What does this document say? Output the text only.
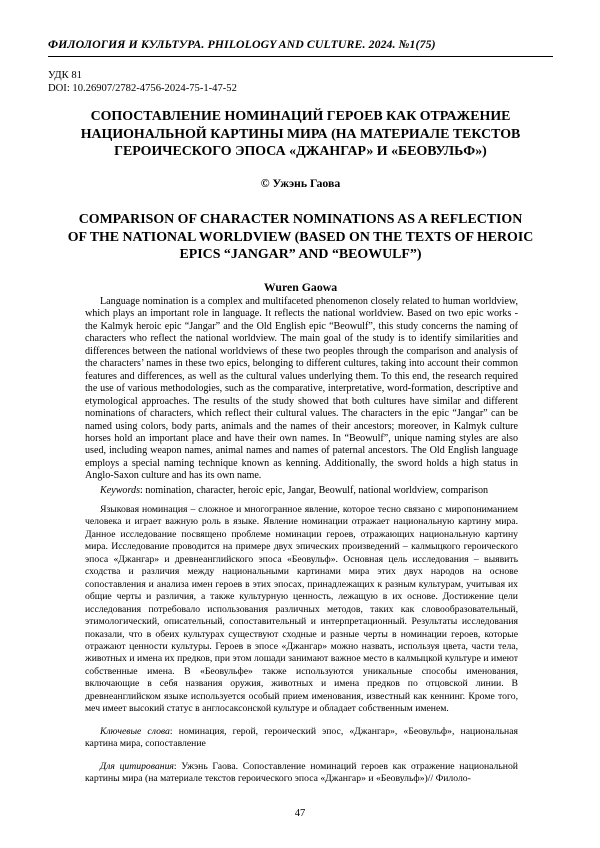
ФИЛОЛОГИЯ И КУЛЬТУРА. PHILOLOGY AND CULTURE. 2024. №1(75)
УДК 81
DOI: 10.26907/2782-4756-2024-75-1-47-52
СОПОСТАВЛЕНИЕ НОМИНАЦИЙ ГЕРОЕВ КАК ОТРАЖЕНИЕ
НАЦИОНАЛЬНОЙ КАРТИНЫ МИРА (НА МАТЕРИАЛЕ ТЕКСТОВ
ГЕРОИЧЕСКОГО ЭПОСА «ДЖАНГАР» И «БЕОВУЛЬФ»)
© Ужэнь Гаова
COMPARISON OF CHARACTER NOMINATIONS AS A REFLECTION
OF THE NATIONAL WORLDVIEW (BASED ON THE TEXTS OF HEROIC
EPICS “JANGAR” AND “BEOWULF”)
Wuren Gaowa

Language nomination is a complex and multifaceted phenomenon closely related to human worldview, which plays an important role in language. It reflects the national worldview. Based on two epic works - the Kalmyk heroic epic “Jangar” and the Old English epic “Beowulf”, this study concerns the naming of characters who reflect the national worldview. The main goal of the study is to identify similarities and differences between the national worldviews of these two peoples through the comparison and analysis of the characters’ names in these two epics, belonging to different cultures, taking into account their common features and differences, as well as the cultural values underlying them. To this end, the research required the use of various methodologies, such as the comparative, interpretative, word-formation, descriptive and etymological approaches. The results of the study showed that both cultures have similar and different nominations of characters, which reflect their cultural values. The characters in the epic “Jangar” can be named using colors, body parts, animals and the names of their ancestors; moreover, in Kalmyk culture horses hold an important place and have their own names. In “Beowulf”, unique naming styles are also used, including weapon names, animal names and names of paternal ancestors. The Old English language employs a special naming technique known as kenning. Additionally, the sword holds a high status in Anglo-Saxon culture and has its own name.

Keywords: nomination, character, heroic epic, Jangar, Beowulf, national worldview, comparison

Языковая номинация – сложное и многогранное явление, которое тесно связано с миропониманием человека и играет важную роль в языке. Явление номинации отражает национальную картину мира. Данное исследование посвящено проблеме номинации героев, отражающих национальную картину мира. Исследование проводится на примере двух эпических произведений – калмыцкого героического эпоса «Джангар» и древнеанглийского эпоса «Беовульф». Основная цель исследования – выявить сходства и различия между национальными картинами мира этих двух народов на основе сопоставления и анализа имен героев в этих эпосах, принадлежащих к разным культурам, учитывая их общие черты и различия, а также культурную ценность, лежащую в их основе. Достижение цели исследования потребовало использования различных методов, таких как словообразовательный, этимологический, описательный, сопоставительный и интерпретационный. Результаты исследования показали, что в обеих культурах существуют сходные и разные черты в номинации героев, которые отражают ценности культуры. Героев в эпосе «Джангар» можно назвать, используя цвета, части тела, животных и имена их предков, при этом лошади занимают важное место в калмыцкой культуре и имеют собственные имена. В «Беовульфе» также используются уникальные способы именования, включающие в себя названия оружия, животных и имена предков по отцовской линии. В древнеанглийском языке используется особый прием именования, известный как кеннинг. Кроме того, меч имеет высокий статус в англосаксонской культуре и обладает собственным именем.

Ключевые слова: номинация, герой, героический эпос, «Джангар», «Беовульф», национальная картина мира, сопоставление

Для цитирования: Ужэнь Гаова. Сопоставление номинаций героев как отражение национальной картины мира (на материале текстов героического эпоса «Джангар» и «Беовульф»)// Филоло-

47
